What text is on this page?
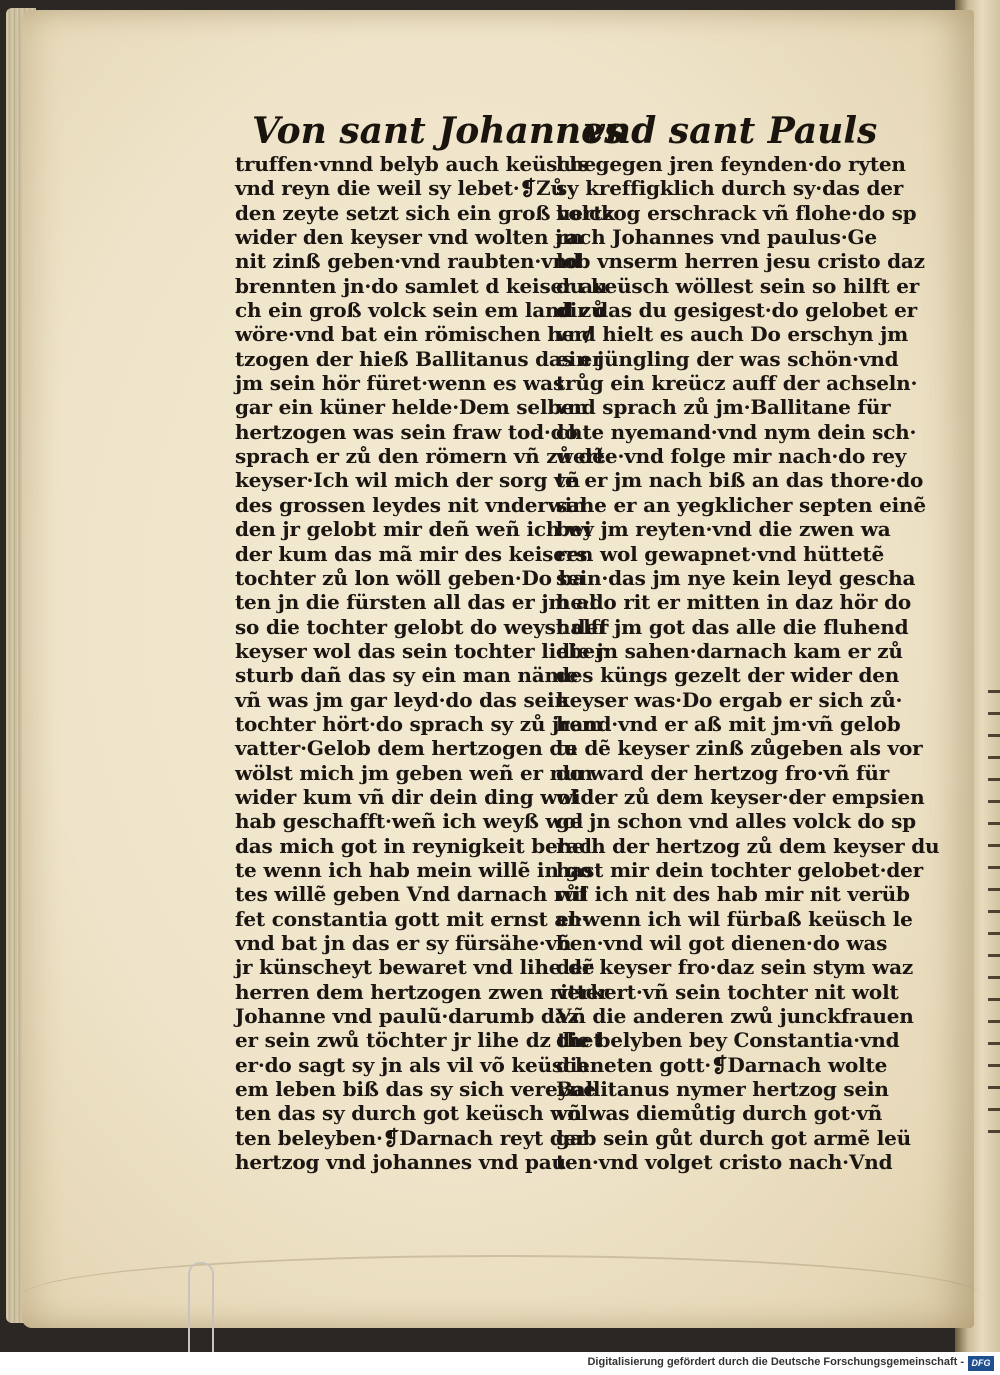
Von sant Johannes
vnd sant Pauls
truffen·vnnd belyb auch keüsche
vnd reyn die weil sy lebet·❡Zů
den zeyte setzt sich ein groß volck
wider den keyser vnd wolten jm
nit zinß geben·vnd raubten·vnd
brennten jn·do samlet d keiser au
ch ein groß volck sein em land zů
wöre·vnd bat ein römischen her/
tzogen der hieß Ballitanus das er
jm sein hör füret·wenn es was
gar ein küner helde·Dem selben
hertzogen was sein fraw tod·do
sprach er zů den römern vñ zů dẽ
keyser·Ich wil mich der sorg vñ
des grossen leydes nit vnderwin
den jr gelobt mir deñ weñ ich wi
der kum das mã mir des keisers
tochter zů lon wöll geben·Do ba
ten jn die fürsten all das er jm al
so die tochter gelobt do weyst der
keyser wol das sein tochter lieber
sturb dañ das sy ein man näme
vñ was jm gar leyd·do das sein
tochter hört·do sprach sy zů jrem
vatter·Gelob dem hertzogen du
wölst mich jm geben weñ er nun
wider kum vñ dir dein ding wol
hab geschafft·weñ ich weyß wol
das mich got in reynigkeit behel
te wenn ich hab mein willẽ in go
tes willẽ geben Vnd darnach růf
fet constantia gott mit ernst an·
vnd bat jn das er sy fürsähe·vñ
jr künscheyt bewaret vnd lihe dẽ
herren dem hertzogen zwen ritter
Johanne vnd paulũ·darumb daz
er sein zwů töchter jr lihe dz thet
er·do sagt sy jn als vil võ keüsch
em leben biß das sy sich vereyne
ten das sy durch got keüsch wol
ten beleyben·❡Darnach reyt der
hertzog vnd johannes vnd pau
lus gegen jren feynden·do ryten
sy kreffigklich durch sy·das der
hertzog erschrack vñ flohe·do sp
rach Johannes vnd paulus·Ge
lob vnserm herren jesu cristo daz
du keüsch wöllest sein so hilft er
dir das du gesigest·do gelobet er
vnd hielt es auch Do erschyn jm
ein jüngling der was schön·vnd
trůg ein kreücz auff der achseln·
vnd sprach zů jm·Ballitane für
chte nyemand·vnd nym dein sch·
werte·vnd folge mir nach·do rey
te er jm nach biß an das thore·do
sahe er an yegklicher septen einẽ
bey jm reyten·vnd die zwen wa
ren wol gewapnet·vnd hüttetẽ
sein·das jm nye kein leyd gescha
he·do rit er mitten in daz hör do
halff jm got das alle die fluhend
die jn sahen·darnach kam er zů
des küngs gezelt der wider den
keyser was·Do ergab er sich zů·
hand·vnd er aß mit jm·vñ gelob
te dẽ keyser zinß zůgeben als vor
do ward der hertzog fro·vñ für
wider zů dem keyser·der empsien
ge jn schon vnd alles volck do sp
rach der hertzog zů dem keyser du
hast mir dein tochter gelobet·der
wil ich nit des hab mir nit verüb
el·wenn ich wil fürbaß keüsch le
ben·vnd wil got dienen·do was
der keyser fro·daz sein stym waz
verkert·vñ sein tochter nit wolt
Vñ die anderen zwů junckfrauen
die belyben bey Constantia·vnd
dieneten gott·❡Darnach wolte
Ballitanus nymer hertzog sein
vñ was diemůtig durch got·vñ
gab sein gůt durch got armẽ leü
ten·vnd volget cristo nach·Vnd
Digitalisierung gefördert durch die Deutsche Forschungsgemeinschaft - DFG
